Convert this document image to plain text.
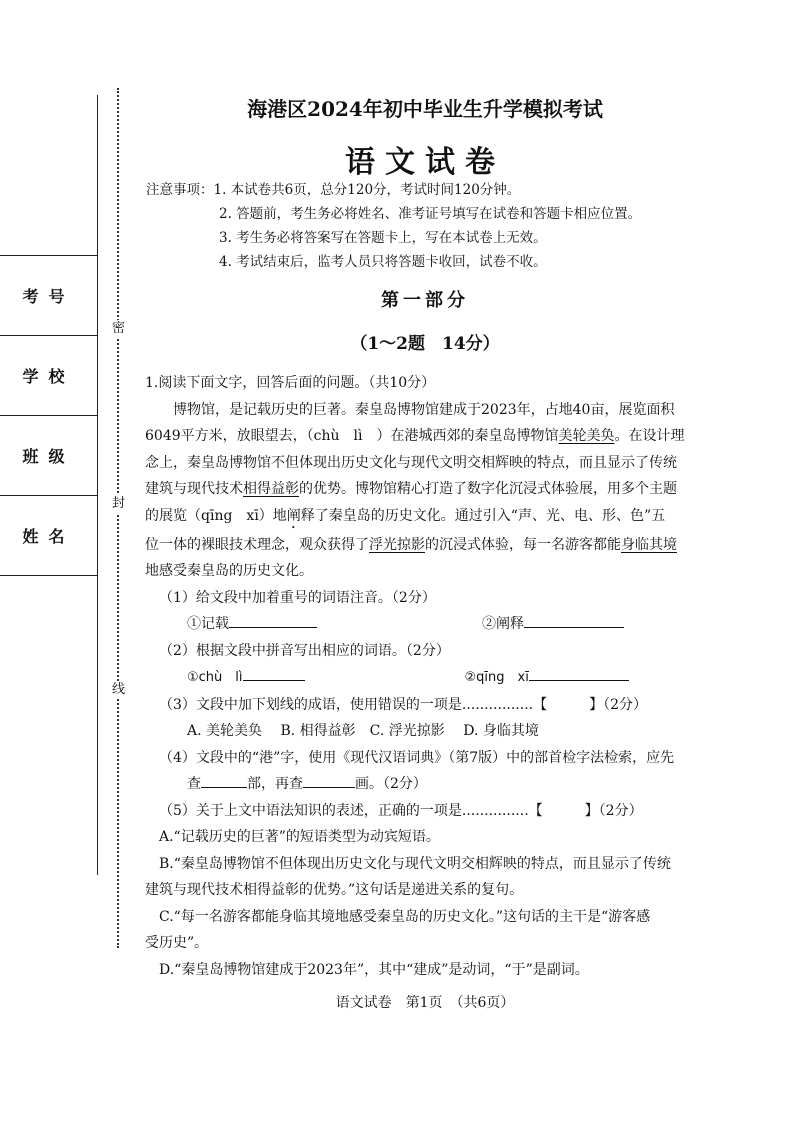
密
封
线
考号
学校
班级
姓名
海港区2024年初中毕业生升学模拟考试
语文试卷
注意事项：1. 本试卷共6页，总分120分，考试时间120分钟。
2. 答题前，考生务必将姓名、准考证号填写在试卷和答题卡相应位置。
3. 考生务必将答案写在答题卡上，写在本试卷上无效。
4. 考试结束后，监考人员只将答题卡收回，试卷不收。
第一部分
（1～2题　14分）

1.阅读下面文字，回答后面的问题。（共10分）

博物馆，是记载历史的巨著。秦皇岛博物馆建成于2023年，占地40亩，展览面积

6049平方米，放眼望去，（chù　lì　）在港城西郊的秦皇岛博物馆美轮美奂。在设计理

念上，秦皇岛博物馆不但体现出历史文化与现代文明交相辉映的特点，而且显示了传统

建筑与现代技术相得益彰的优势。博物馆精心打造了数字化沉浸式体验展，用多个主题

的展览（qīng　xī）地阐释了秦皇岛的历史文化。通过引入“声、光、电、形、色”五

位一体的裸眼技术理念，观众获得了浮光掠影的沉浸式体验，每一名游客都能身临其境

地感受秦皇岛的历史文化。

（1）给文段中加着重号的词语注音。（2分）

①记载	②阐释

（2）根据文段中拼音写出相应的词语。（2分）

①chù　lì	②qīng　xī

（3）文段中加下划线的成语，使用错误的一项是................【　　　】（2分）

A. 美轮美奂　 B. 相得益彰　C. 浮光掠影　 D. 身临其境

（4）文段中的“港”字，使用《现代汉语词典》（第7版）中的部首检字法检索，应先

查	部，再查	画。（2分）

（5）关于上文中语法知识的表述，正确的一项是...............【　　　】（2分）

A.“记载历史的巨著”的短语类型为动宾短语。

B.“秦皇岛博物馆不但体现出历史文化与现代文明交相辉映的特点，而且显示了传统

建筑与现代技术相得益彰的优势。”这句话是递进关系的复句。

C.“每一名游客都能身临其境地感受秦皇岛的历史文化。”这句话的主干是“游客感

受历史”。

D.“秦皇岛博物馆建成于2023年”，其中“建成”是动词，“于”是副词。

语文试卷　第1页　（共6页）
